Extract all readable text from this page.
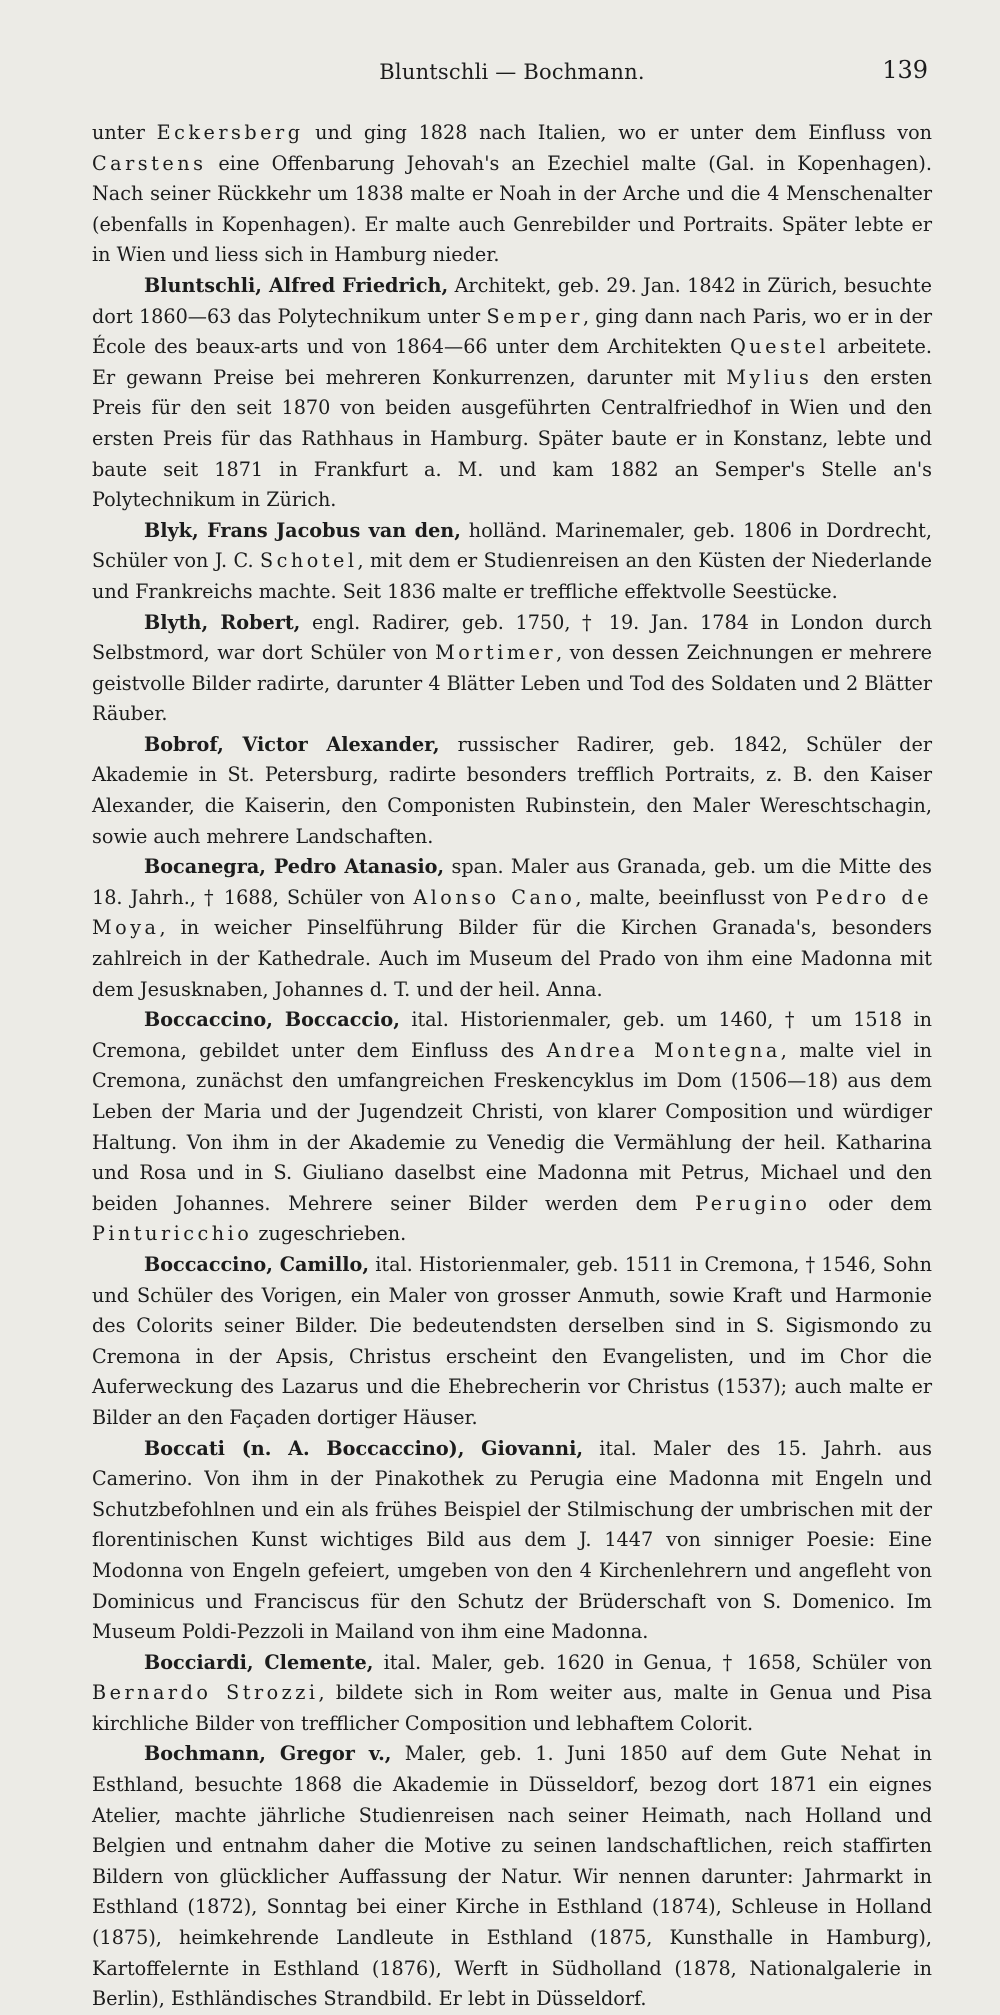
Bluntschli — Bochmann.	139

unter Eckersberg und ging 1828 nach Italien, wo er unter dem Einfluss von Carstens eine Offenbarung Jehovah's an Ezechiel malte (Gal. in Kopenhagen). Nach seiner Rückkehr um 1838 malte er Noah in der Arche und die 4 Menschenalter (ebenfalls in Kopenhagen). Er malte auch Genrebilder und Portraits. Später lebte er in Wien und liess sich in Hamburg nieder.

Bluntschli, Alfred Friedrich, Architekt, geb. 29. Jan. 1842 in Zürich, besuchte dort 1860—63 das Polytechnikum unter Semper, ging dann nach Paris, wo er in der École des beaux-arts und von 1864—66 unter dem Architekten Questel arbeitete. Er gewann Preise bei mehreren Konkurrenzen, darunter mit Mylius den ersten Preis für den seit 1870 von beiden ausgeführten Centralfriedhof in Wien und den ersten Preis für das Rathhaus in Hamburg. Später baute er in Konstanz, lebte und baute seit 1871 in Frankfurt a. M. und kam 1882 an Semper's Stelle an's Polytechnikum in Zürich.

Blyk, Frans Jacobus van den, holländ. Marinemaler, geb. 1806 in Dordrecht, Schüler von J. C. Schotel, mit dem er Studienreisen an den Küsten der Niederlande und Frankreichs machte. Seit 1836 malte er treffliche effektvolle Seestücke.

Blyth, Robert, engl. Radirer, geb. 1750, † 19. Jan. 1784 in London durch Selbstmord, war dort Schüler von Mortimer, von dessen Zeichnungen er mehrere geistvolle Bilder radirte, darunter 4 Blätter Leben und Tod des Soldaten und 2 Blätter Räuber.

Bobrof, Victor Alexander, russischer Radirer, geb. 1842, Schüler der Akademie in St. Petersburg, radirte besonders trefflich Portraits, z. B. den Kaiser Alexander, die Kaiserin, den Componisten Rubinstein, den Maler Wereschtschagin, sowie auch mehrere Landschaften.

Bocanegra, Pedro Atanasio, span. Maler aus Granada, geb. um die Mitte des 18. Jahrh., † 1688, Schüler von Alonso Cano, malte, beeinflusst von Pedro de Moya, in weicher Pinselführung Bilder für die Kirchen Granada's, besonders zahlreich in der Kathedrale. Auch im Museum del Prado von ihm eine Madonna mit dem Jesusknaben, Johannes d. T. und der heil. Anna.

Boccaccino, Boccaccio, ital. Historienmaler, geb. um 1460, † um 1518 in Cremona, gebildet unter dem Einfluss des Andrea Montegna, malte viel in Cremona, zunächst den umfangreichen Freskencyklus im Dom (1506—18) aus dem Leben der Maria und der Jugendzeit Christi, von klarer Composition und würdiger Haltung. Von ihm in der Akademie zu Venedig die Vermählung der heil. Katharina und Rosa und in S. Giuliano daselbst eine Madonna mit Petrus, Michael und den beiden Johannes. Mehrere seiner Bilder werden dem Perugino oder dem Pinturicchio zugeschrieben.

Boccaccino, Camillo, ital. Historienmaler, geb. 1511 in Cremona, † 1546, Sohn und Schüler des Vorigen, ein Maler von grosser Anmuth, sowie Kraft und Harmonie des Colorits seiner Bilder. Die bedeutendsten derselben sind in S. Sigismondo zu Cremona in der Apsis, Christus erscheint den Evangelisten, und im Chor die Auferweckung des Lazarus und die Ehebrecherin vor Christus (1537); auch malte er Bilder an den Façaden dortiger Häuser.

Boccati (n. A. Boccaccino), Giovanni, ital. Maler des 15. Jahrh. aus Camerino. Von ihm in der Pinakothek zu Perugia eine Madonna mit Engeln und Schutzbefohlnen und ein als frühes Beispiel der Stilmischung der umbrischen mit der florentinischen Kunst wichtiges Bild aus dem J. 1447 von sinniger Poesie: Eine Modonna von Engeln gefeiert, umgeben von den 4 Kirchenlehrern und angefleht von Dominicus und Franciscus für den Schutz der Brüderschaft von S. Domenico. Im Museum Poldi-Pezzoli in Mailand von ihm eine Madonna.

Bocciardi, Clemente, ital. Maler, geb. 1620 in Genua, † 1658, Schüler von Bernardo Strozzi, bildete sich in Rom weiter aus, malte in Genua und Pisa kirchliche Bilder von trefflicher Composition und lebhaftem Colorit.

Bochmann, Gregor v., Maler, geb. 1. Juni 1850 auf dem Gute Nehat in Esthland, besuchte 1868 die Akademie in Düsseldorf, bezog dort 1871 ein eignes Atelier, machte jährliche Studienreisen nach seiner Heimath, nach Holland und Belgien und entnahm daher die Motive zu seinen landschaftlichen, reich staffirten Bildern von glücklicher Auffassung der Natur. Wir nennen darunter: Jahrmarkt in Esthland (1872), Sonntag bei einer Kirche in Esthland (1874), Schleuse in Holland (1875), heimkehrende Landleute in Esthland (1875, Kunsthalle in Hamburg), Kartoffelernte in Esthland (1876), Werft in Südholland (1878, Nationalgalerie in Berlin), Esthländisches Strandbild. Er lebt in Düsseldorf.
